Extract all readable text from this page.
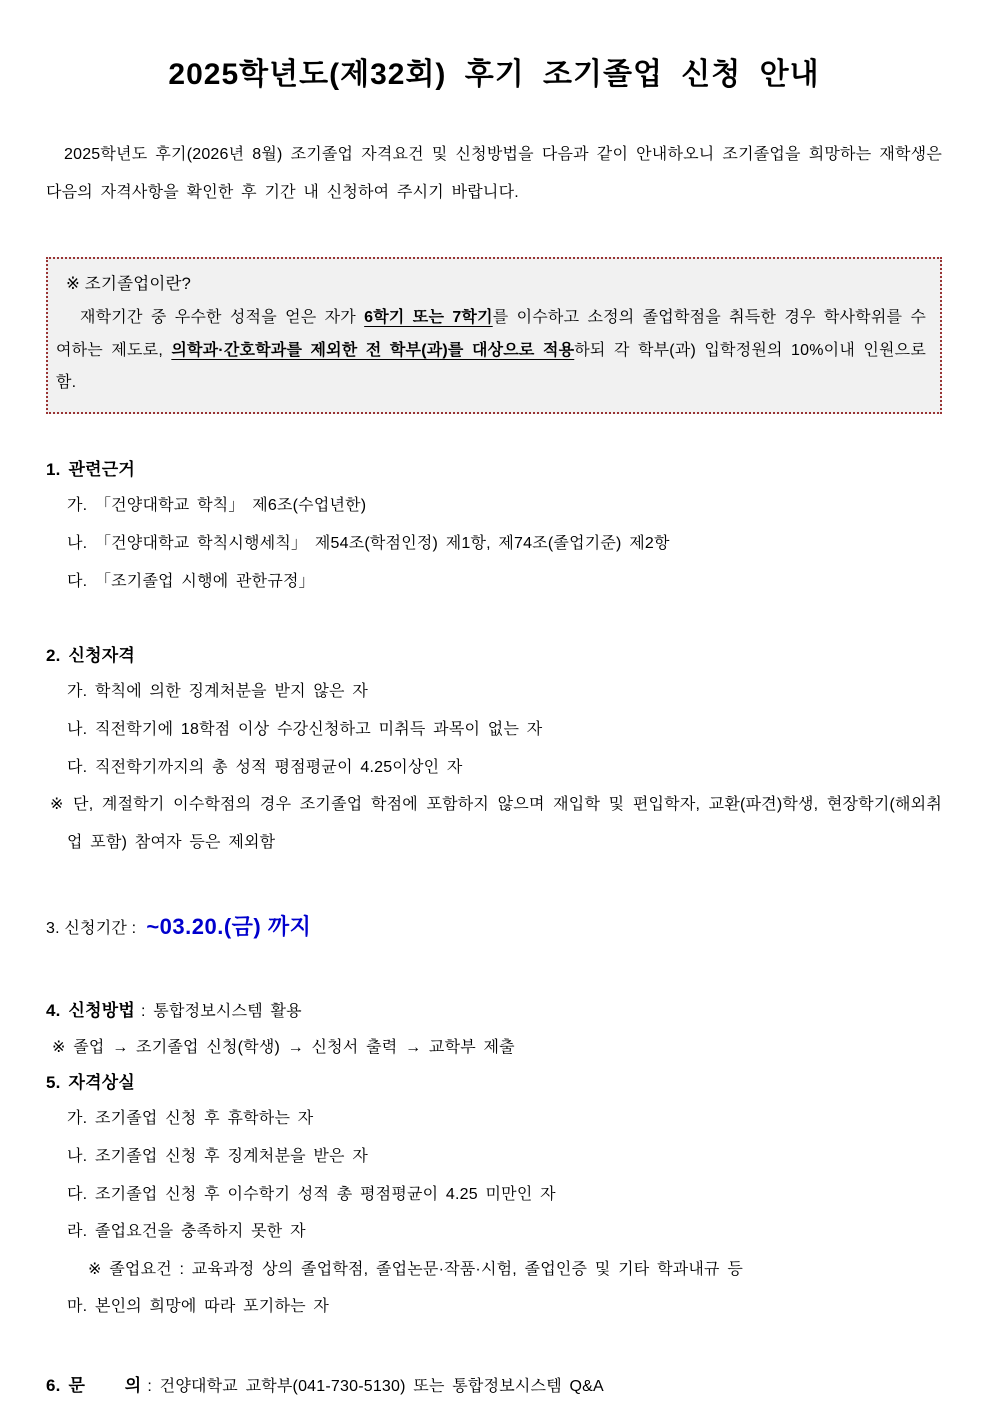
2025학년도(제32회) 후기 조기졸업 신청 안내

2025학년도 후기(2026년 8월) 조기졸업 자격요건 및 신청방법을 다음과 같이 안내하오니 조기졸업을 희망하는 재학생은 다음의 자격사항을 확인한 후 기간 내 신청하여 주시기 바랍니다.

※ 조기졸업이란?

재학기간 중 우수한 성적을 얻은 자가 6학기 또는 7학기를 이수하고 소정의 졸업학점을 취득한 경우 학사학위를 수여하는 제도로, 의학과·간호학과를 제외한 전 학부(과)를 대상으로 적용하되 각 학부(과) 입학정원의 10%이내 인원으로 함.

1. 관련근거
가. 「건양대학교 학칙」 제6조(수업년한)
나. 「건양대학교 학칙시행세칙」 제54조(학점인정) 제1항, 제74조(졸업기준) 제2항
다. 「조기졸업 시행에 관한규정」
2. 신청자격
가. 학칙에 의한 징계처분을 받지 않은 자
나. 직전학기에 18학점 이상 수강신청하고 미취득 과목이 없는 자
다. 직전학기까지의 총 성적 평점평균이 4.25이상인 자
※ 단, 계절학기 이수학점의 경우 조기졸업 학점에 포함하지 않으며 재입학 및 편입학자, 교환(파견)학생, 현장학기(해외취업 포함) 참여자 등은 제외함
3. 신청기간 : ~03.20.(금) 까지
4. 신청방법 : 통합정보시스템 활용
※ 졸업 → 조기졸업 신청(학생) → 신청서 출력 → 교학부 제출
5. 자격상실
가. 조기졸업 신청 후 휴학하는 자
나. 조기졸업 신청 후 징계처분을 받은 자
다. 조기졸업 신청 후 이수학기 성적 총 평점평균이 4.25 미만인 자
라. 졸업요건을 충족하지 못한 자
※ 졸업요건 : 교육과정 상의 졸업학점, 졸업논문·작품·시험, 졸업인증 및 기타 학과내규 등
마. 본인의 희망에 따라 포기하는 자
6. 문     의 : 건양대학교 교학부(041-730-5130) 또는 통합정보시스템 Q&A
